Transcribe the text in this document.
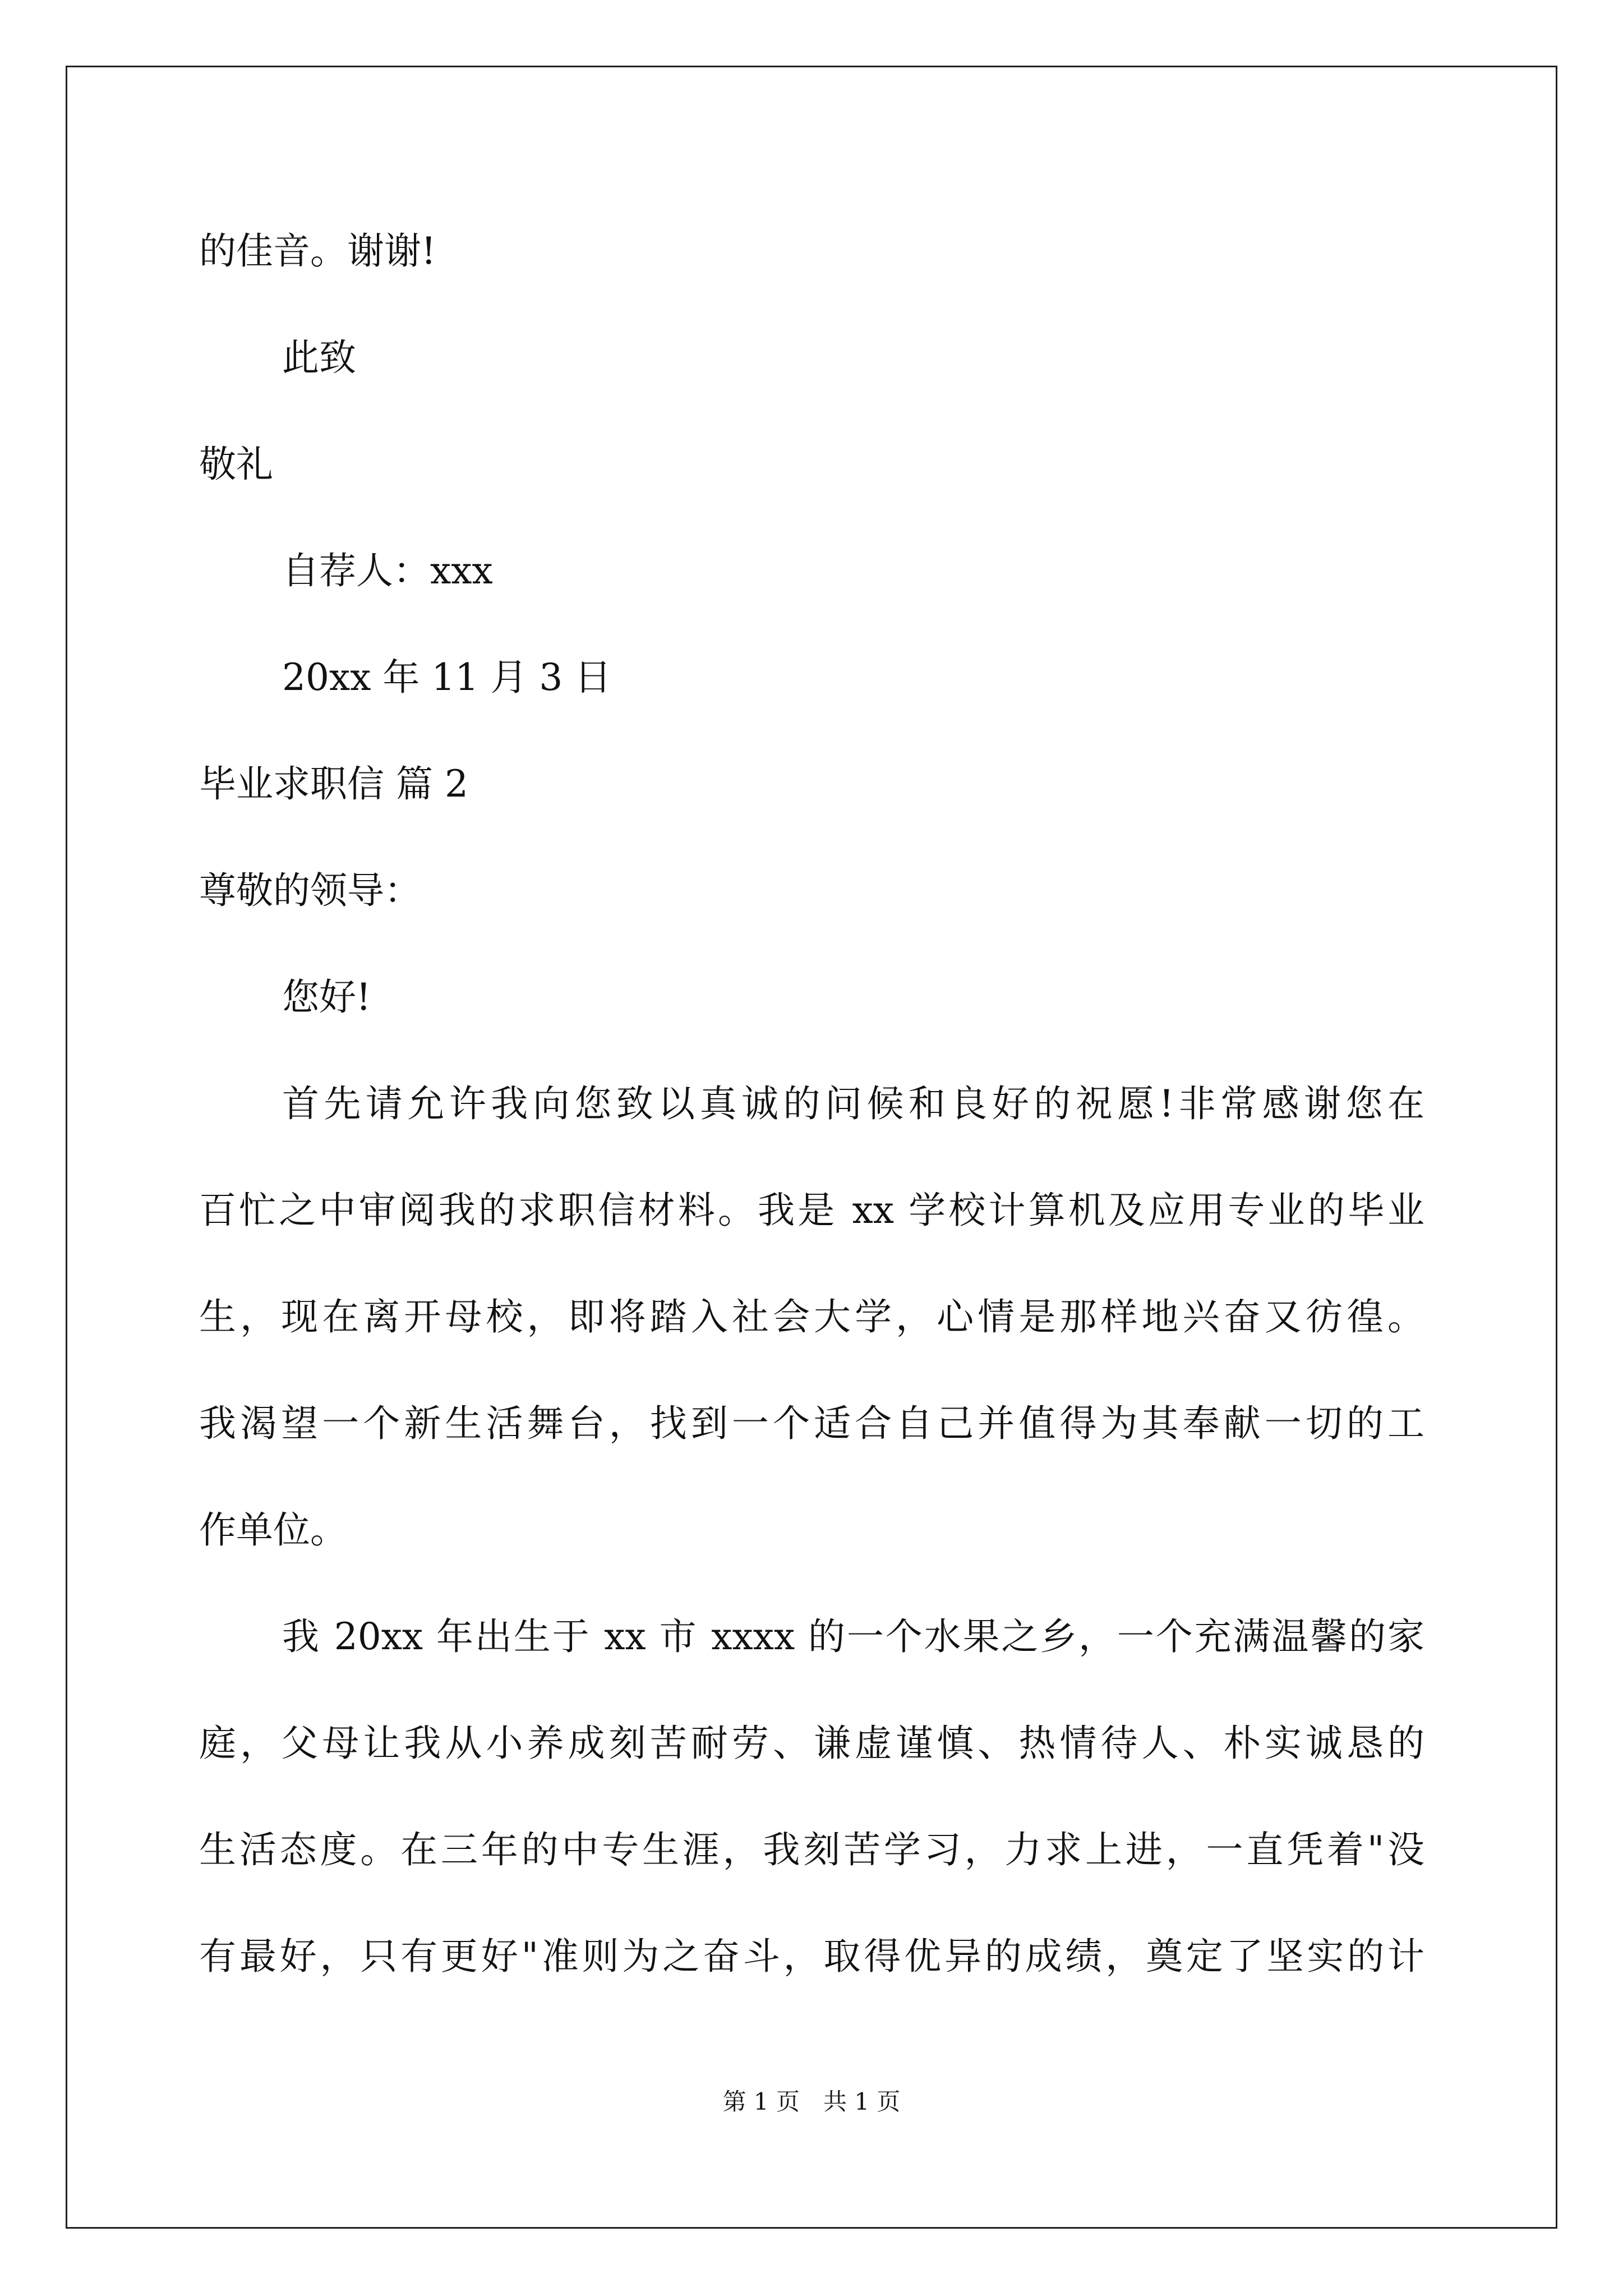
的佳音。谢谢!
此致
敬礼
自荐人：xxx
20xx 年 11 月 3 日
毕业求职信 篇 2
尊敬的领导：
您好!
首先请允许我向您致以真诚的问候和良好的祝愿!非常感谢您在
百忙之中审阅我的求职信材料。我是 xx 学校计算机及应用专业的毕业
生，现在离开母校，即将踏入社会大学，心情是那样地兴奋又彷徨。
我渴望一个新生活舞台，找到一个适合自己并值得为其奉献一切的工
作单位。
我 20xx 年出生于 xx 市 xxxx 的一个水果之乡，一个充满温馨的家
庭，父母让我从小养成刻苦耐劳、谦虚谨慎、热情待人、朴实诚恳的
生活态度。在三年的中专生涯，我刻苦学习，力求上进，一直凭着"没
有最好，只有更好"准则为之奋斗，取得优异的成绩，奠定了坚实的计
第 1 页　共 1 页
